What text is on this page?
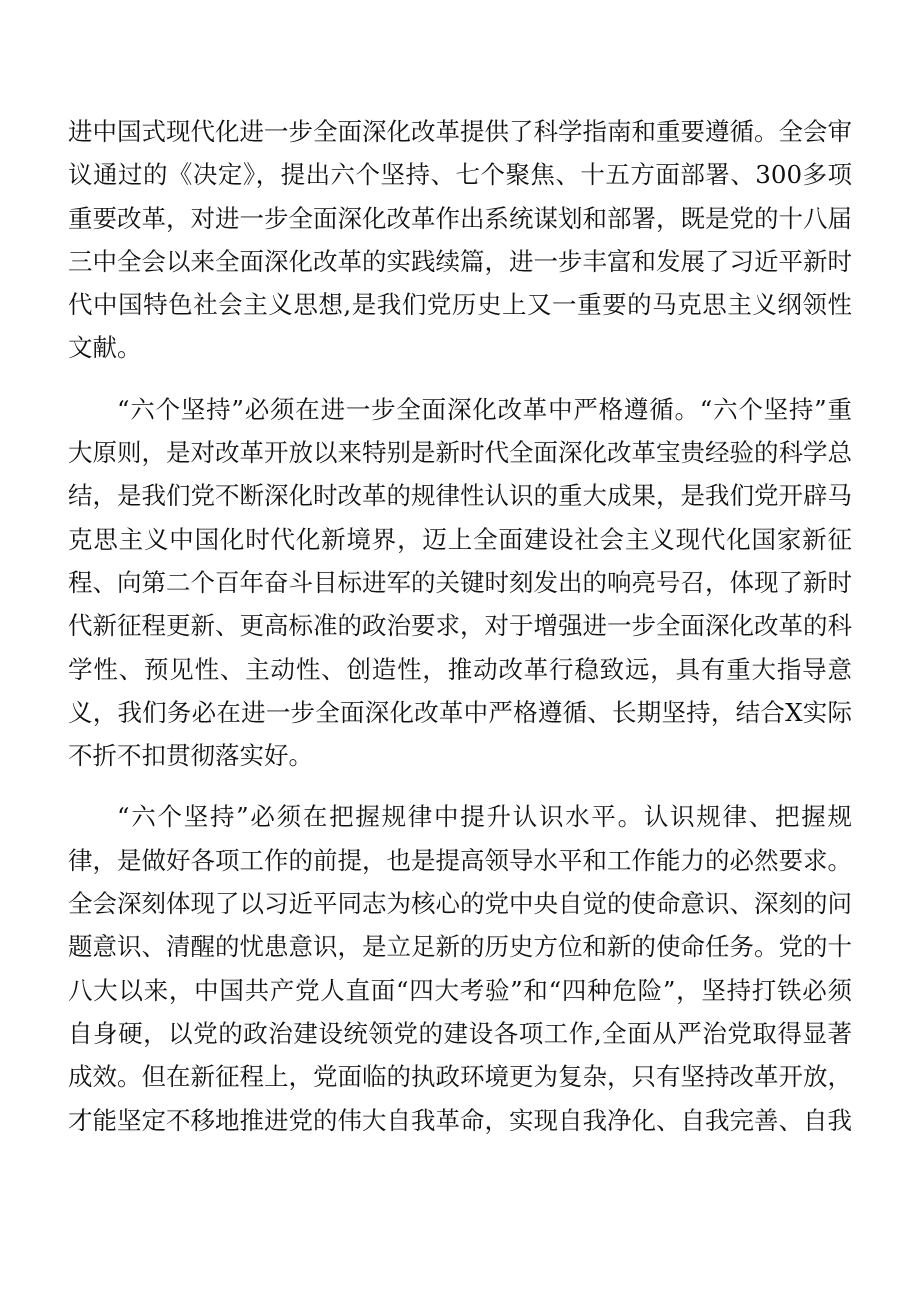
进中国式现代化进一步全面深化改革提供了科学指南和重要遵循。全会审议通过的《决定》，提出六个坚持、七个聚焦、十五方面部署、300多项重要改革，对进一步全面深化改革作出系统谋划和部署，既是党的十八届三中全会以来全面深化改革的实践续篇，进一步丰富和发展了习近平新时代中国特色社会主义思想,是我们党历史上又一重要的马克思主义纲领性文献。

“六个坚持”必须在进一步全面深化改革中严格遵循。“六个坚持”重大原则，是对改革开放以来特别是新时代全面深化改革宝贵经验的科学总结，是我们党不断深化时改革的规律性认识的重大成果，是我们党开辟马克思主义中国化时代化新境界，迈上全面建设社会主义现代化国家新征程、向第二个百年奋斗目标进军的关键时刻发出的响亮号召，体现了新时代新征程更新、更高标准的政治要求，对于增强进一步全面深化改革的科学性、预见性、主动性、创造性，推动改革行稳致远，具有重大指导意义，我们务必在进一步全面深化改革中严格遵循、长期坚持，结合X实际不折不扣贯彻落实好。

“六个坚持”必须在把握规律中提升认识水平。认识规律、把握规律，是做好各项工作的前提，也是提高领导水平和工作能力的必然要求。全会深刻体现了以习近平同志为核心的党中央自觉的使命意识、深刻的问题意识、清醒的忧患意识，是立足新的历史方位和新的使命任务。党的十八大以来，中国共产党人直面“四大考验”和“四种危险”，坚持打铁必须自身硬，以党的政治建设统领党的建设各项工作,全面从严治党取得显著成效。但在新征程上，党面临的执政环境更为复杂，只有坚持改革开放，才能坚定不移地推进党的伟大自我革命，实现自我净化、自我完善、自我
